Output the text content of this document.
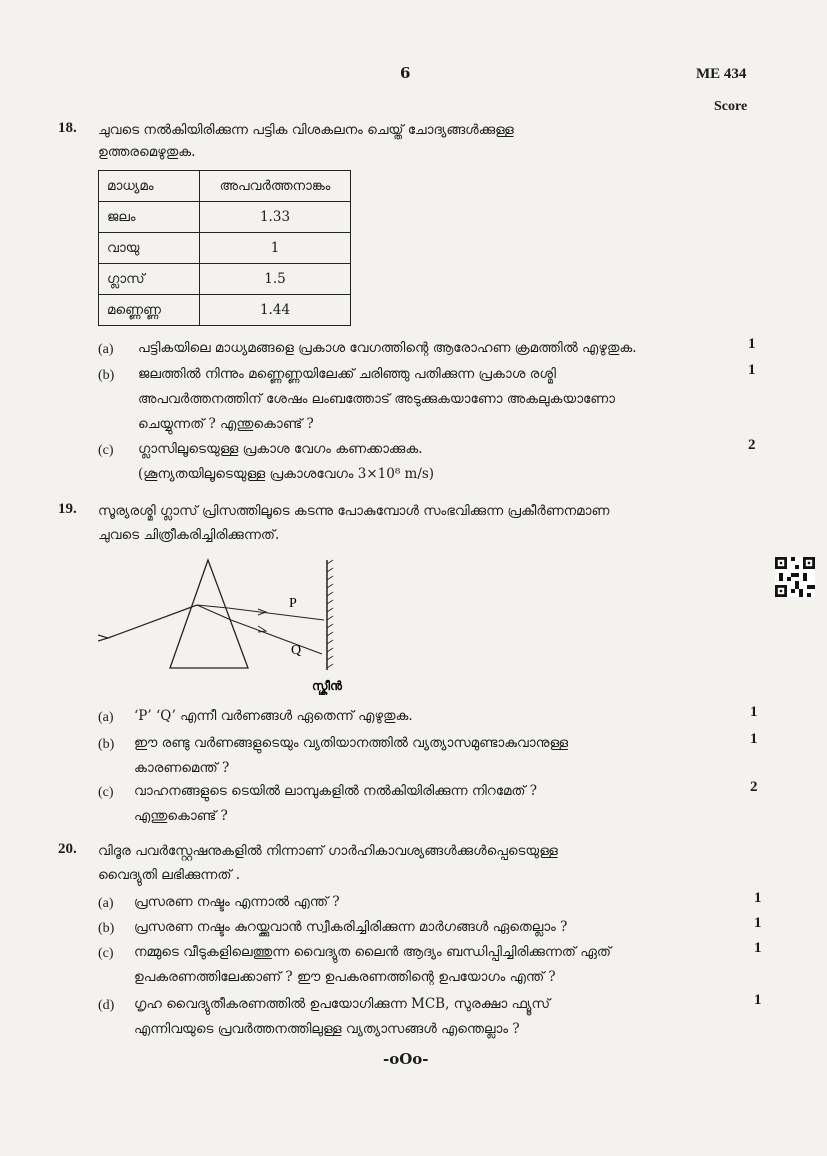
6	ME 434
Score
18. ചുവടെ നൽകിയിരിക്കുന്ന പട്ടിക വിശകലനം ചെയ്ത് ചോദ്യങ്ങൾക്കുള്ള
ഉത്തരമെഴുതുക.
മാധ്യമം	അപവർത്തനാങ്കം
ജലം	1.33
വായു	1
ഗ്ലാസ്	1.5
മണ്ണെണ്ണ	1.44
(a) പട്ടികയിലെ മാധ്യമങ്ങളെ പ്രകാശ വേഗത്തിന്റെ ആരോഹണ ക്രമത്തിൽ എഴുതുക.	1
(b) ജലത്തിൽ നിന്നും മണ്ണെണ്ണയിലേക്ക് ചരിഞ്ഞു പതിക്കുന്ന പ്രകാശ രശ്മി
അപവർത്തനത്തിന് ശേഷം ലംബത്തോട് അടുക്കുകയാണോ അകലുകയാണോ
ചെയ്യുന്നത് ? എന്തുകൊണ്ട് ?
1
(c) ഗ്ലാസിലൂടെയുള്ള പ്രകാശ വേഗം കണക്കാക്കുക.
(ശൂന്യതയിലൂടെയുള്ള പ്രകാശവേഗം 3×10⁸ m/s)
2
19. സൂര്യരശ്മി ഗ്ലാസ് പ്രിസത്തിലൂടെ കടന്നു പോകുമ്പോൾ സംഭവിക്കുന്ന പ്രകീർണനമാണ
ചുവടെ ചിത്രീകരിച്ചിരിക്കുന്നത്.
P
Q
സ്ക്രീൻ
(a) ‘P’ ‘Q’ എന്നീ വർണങ്ങൾ ഏതെന്ന് എഴുതുക.	1
(b) ഈ രണ്ടു വർണങ്ങളുടെയും വ്യതിയാനത്തിൽ വ്യത്യാസമുണ്ടാകുവാനുള്ള
കാരണമെന്ത് ?
1
(c) വാഹനങ്ങളുടെ ടെയിൽ ലാമ്പുകളിൽ നൽകിയിരിക്കുന്ന നിറമേത് ?
എന്തുകൊണ്ട് ?
2
20. വിദൂര പവർസ്റ്റേഷനുകളിൽ നിന്നാണ് ഗാർഹികാവശ്യങ്ങൾക്കുൾപ്പെടെയുള്ള
വൈദ്യുതി ലഭിക്കുന്നത് .
(a) പ്രസരണ നഷ്ടം എന്നാൽ എന്ത് ?	1
(b) പ്രസരണ നഷ്ടം കുറയ്ക്കുവാൻ സ്വീകരിച്ചിരിക്കുന്ന മാർഗങ്ങൾ ഏതെല്ലാം ?	1
(c) നമ്മുടെ വീടുകളിലെത്തുന്ന വൈദ്യുത ലൈൻ ആദ്യം ബന്ധിപ്പിച്ചിരിക്കുന്നത് ഏത്
ഉപകരണത്തിലേക്കാണ് ? ഈ ഉപകരണത്തിന്റെ ഉപയോഗം എന്ത് ?
1
(d) ഗൃഹ വൈദ്യുതീകരണത്തിൽ ഉപയോഗിക്കുന്ന MCB, സുരക്ഷാ ഫ്യൂസ്
എന്നിവയുടെ പ്രവർത്തനത്തിലുള്ള വ്യത്യാസങ്ങൾ എന്തെല്ലാം ?
1
-oOo-
